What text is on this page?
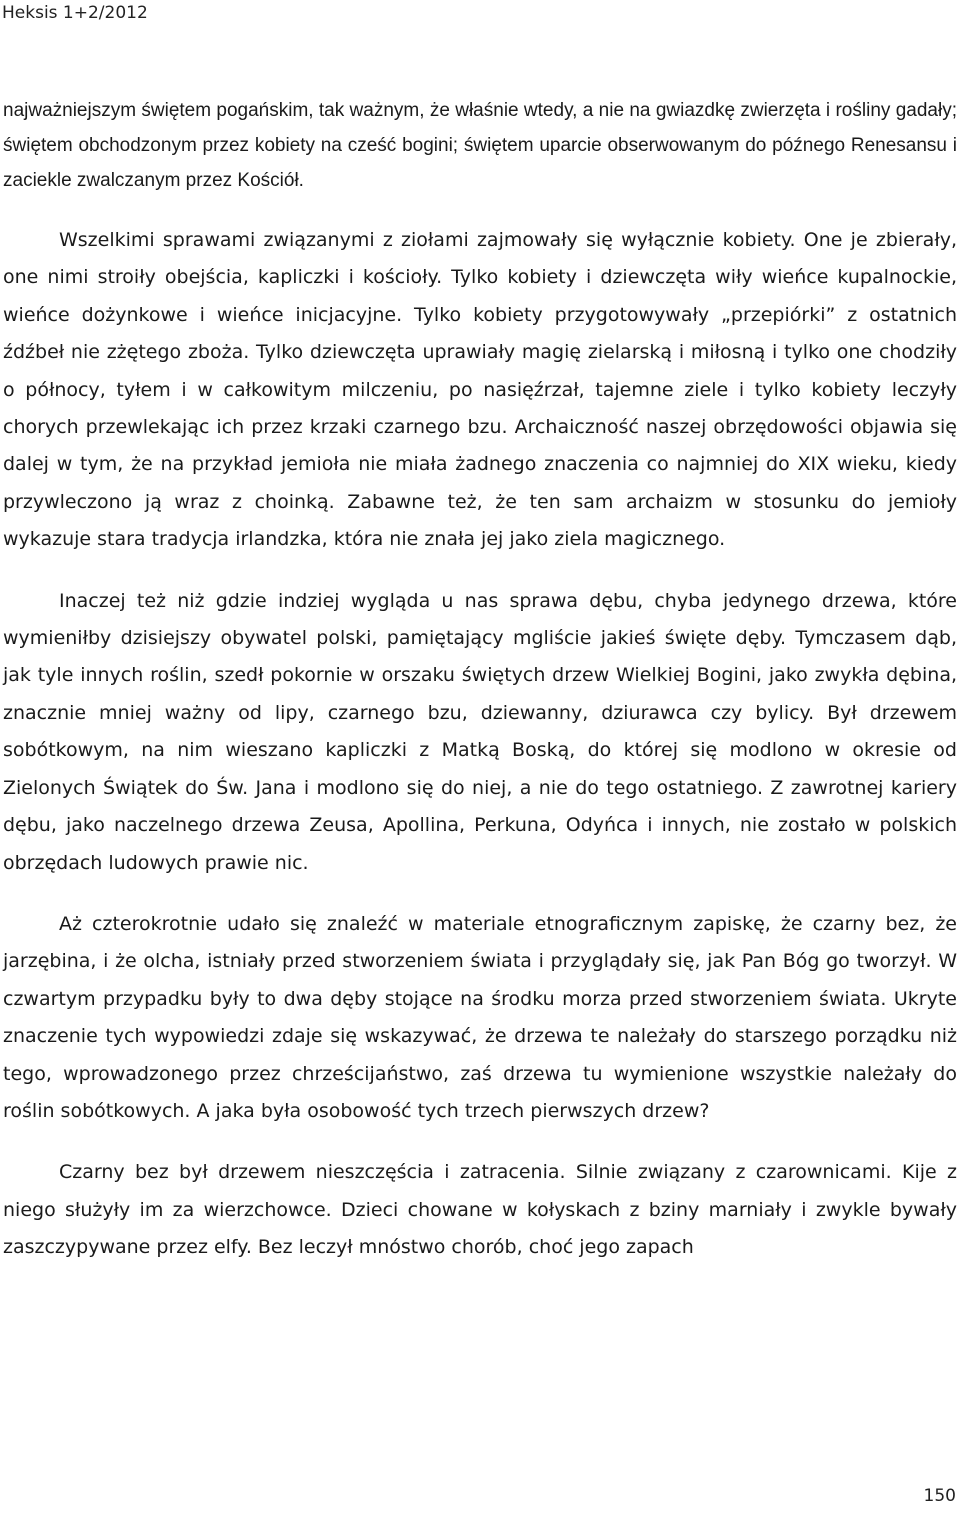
Heksis 1+2/2012

najważniejszym świętem pogańskim, tak ważnym, że właśnie wtedy, a nie na gwiazdkę zwierzęta i rośliny gadały; świętem obchodzonym przez kobiety na cześć bogini; świętem uparcie obserwowanym do późnego Renesansu i zaciekle zwalczanym przez Kościół.

Wszelkimi sprawami związanymi z ziołami zajmowały się wyłącznie kobiety. One je zbierały, one nimi stroiły obejścia, kapliczki i kościoły. Tylko kobiety i dziewczęta wiły wieńce kupalnockie, wieńce dożynkowe i wieńce inicjacyjne. Tylko kobiety przygotowywały „przepiórki” z ostatnich źdźbeł nie zżętego zboża. Tylko dziewczęta uprawiały magię zielarską i miłosną i tylko one chodziły o północy, tyłem i w całkowitym milczeniu, po nasięźrzał, tajemne ziele i tylko kobiety leczyły chorych przewlekając ich przez krzaki czarnego bzu. Archaiczność naszej obrzędowości objawia się dalej w tym, że na przykład jemioła nie miała żadnego znaczenia co najmniej do XIX wieku, kiedy przywleczono ją wraz z choinką. Zabawne też, że ten sam archaizm w stosunku do jemioły wykazuje stara tradycja irlandzka, która nie znała jej jako ziela magicznego.

Inaczej też niż gdzie indziej wygląda u nas sprawa dębu, chyba jedynego drzewa, które wymieniłby dzisiejszy obywatel polski, pamiętający mgliście jakieś święte dęby. Tymczasem dąb, jak tyle innych roślin, szedł pokornie w orszaku świętych drzew Wielkiej Bogini, jako zwykła dębina, znacznie mniej ważny od lipy, czarnego bzu, dziewanny, dziurawca czy bylicy. Był drzewem sobótkowym, na nim wieszano kapliczki z Matką Boską, do której się modlono w okresie od Zielonych Świątek do Św. Jana i modlono się do niej, a nie do tego ostatniego. Z zawrotnej kariery dębu, jako naczelnego drzewa Zeusa, Apollina, Perkuna, Odyńca i innych, nie zostało w polskich obrzędach ludowych prawie nic.

Aż czterokrotnie udało się znaleźć w materiale etnograficznym zapiskę, że czarny bez, że jarzębina, i że olcha, istniały przed stworzeniem świata i przyglądały się, jak Pan Bóg go tworzył. W czwartym przypadku były to dwa dęby stojące na środku morza przed stworzeniem świata. Ukryte znaczenie tych wypowiedzi zdaje się wskazywać, że drzewa te należały do starszego porządku niż tego, wprowadzonego przez chrześcijaństwo, zaś drzewa tu wymienione wszystkie należały do roślin sobótkowych. A jaka była osobowość tych trzech pierwszych drzew?

Czarny bez był drzewem nieszczęścia i zatracenia. Silnie związany z czarownicami. Kije z niego służyły im za wierzchowce. Dzieci chowane w kołyskach z bziny marniały i zwykle bywały zaszczypywane przez elfy. Bez leczył mnóstwo chorób, choć jego zapach

150
